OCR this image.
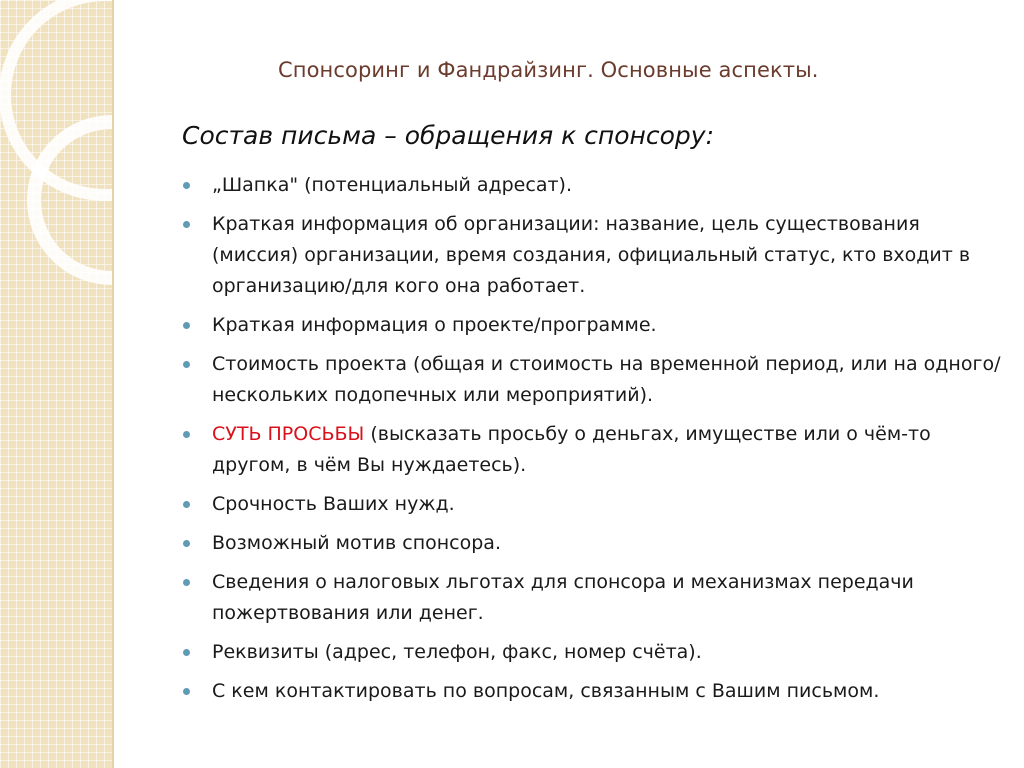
Спонсоринг и Фандрайзинг. Основные аспекты.
Состав письма – обращения к спонсору:
„Шапка" (потенциальный адресат).
Краткая информация об организации: название, цель существования (миссия) организации, время создания, официальный статус, кто входит в организацию/для кого она работает.
Краткая информация о проекте/программе.
Стоимость проекта (общая и стоимость на временной период, или на одного/нескольких подопечных или мероприятий).
СУТЬ ПРОСЬБЫ (высказать просьбу о деньгах, имуществе или о чём-то другом, в чём Вы нуждаетесь).
Срочность Ваших нужд.
Возможный мотив спонсора.
Сведения о налоговых льготах для спонсора и механизмах передачи пожертвования или денег.
Реквизиты (адрес, телефон, факс, номер счёта).
С кем контактировать по вопросам, связанным с Вашим письмом.
